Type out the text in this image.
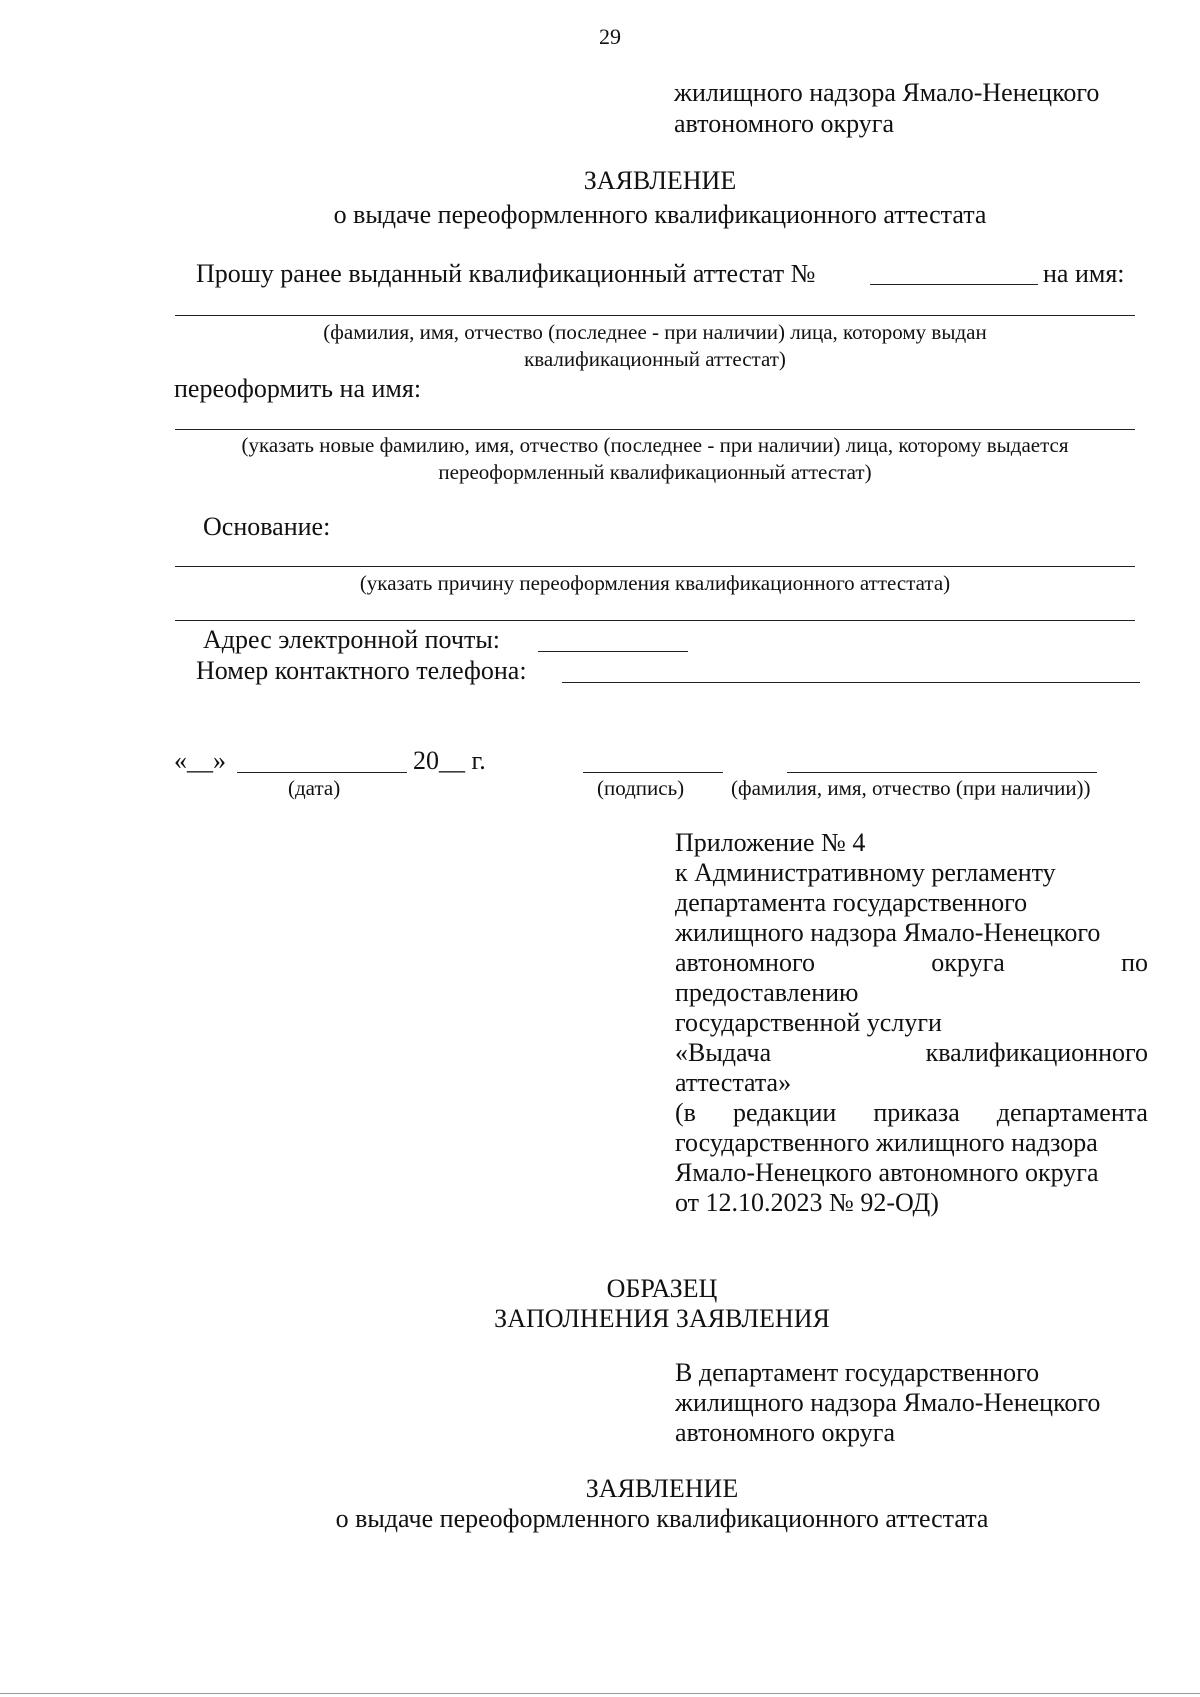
29
жилищного надзора Ямало-Ненецкого
автономного округа
ЗАЯВЛЕНИЕ
о выдаче переоформленного квалификационного аттестата
Прошу ранее выданный квалификационный аттестат №	на имя:
(фамилия, имя, отчество (последнее - при наличии) лица, которому выдан
квалификационный аттестат)
переоформить на имя:
(указать новые фамилию, имя, отчество (последнее - при наличии) лица, которому выдается
переоформленный квалификационный аттестат)
Основание:
(указать причину переоформления квалификационного аттестата)
Адрес электронной почты:
Номер контактного телефона:
«__»	20__ г.
(дата)	(подпись) (фамилия, имя, отчество (при наличии))
Приложение № 4
к Административному регламенту
департамента государственного
жилищного надзора Ямало-Ненецкого
автономного	округа	по
предоставлению
государственной услуги
«Выдача	квалификационного
аттестата»
(в редакции приказа департамента
государственного жилищного надзора
Ямало-Ненецкого автономного округа
от 12.10.2023 № 92-ОД)
ОБРАЗЕЦ
ЗАПОЛНЕНИЯ ЗАЯВЛЕНИЯ
В департамент государственного
жилищного надзора Ямало-Ненецкого
автономного округа
ЗАЯВЛЕНИЕ
о выдаче переоформленного квалификационного аттестата
